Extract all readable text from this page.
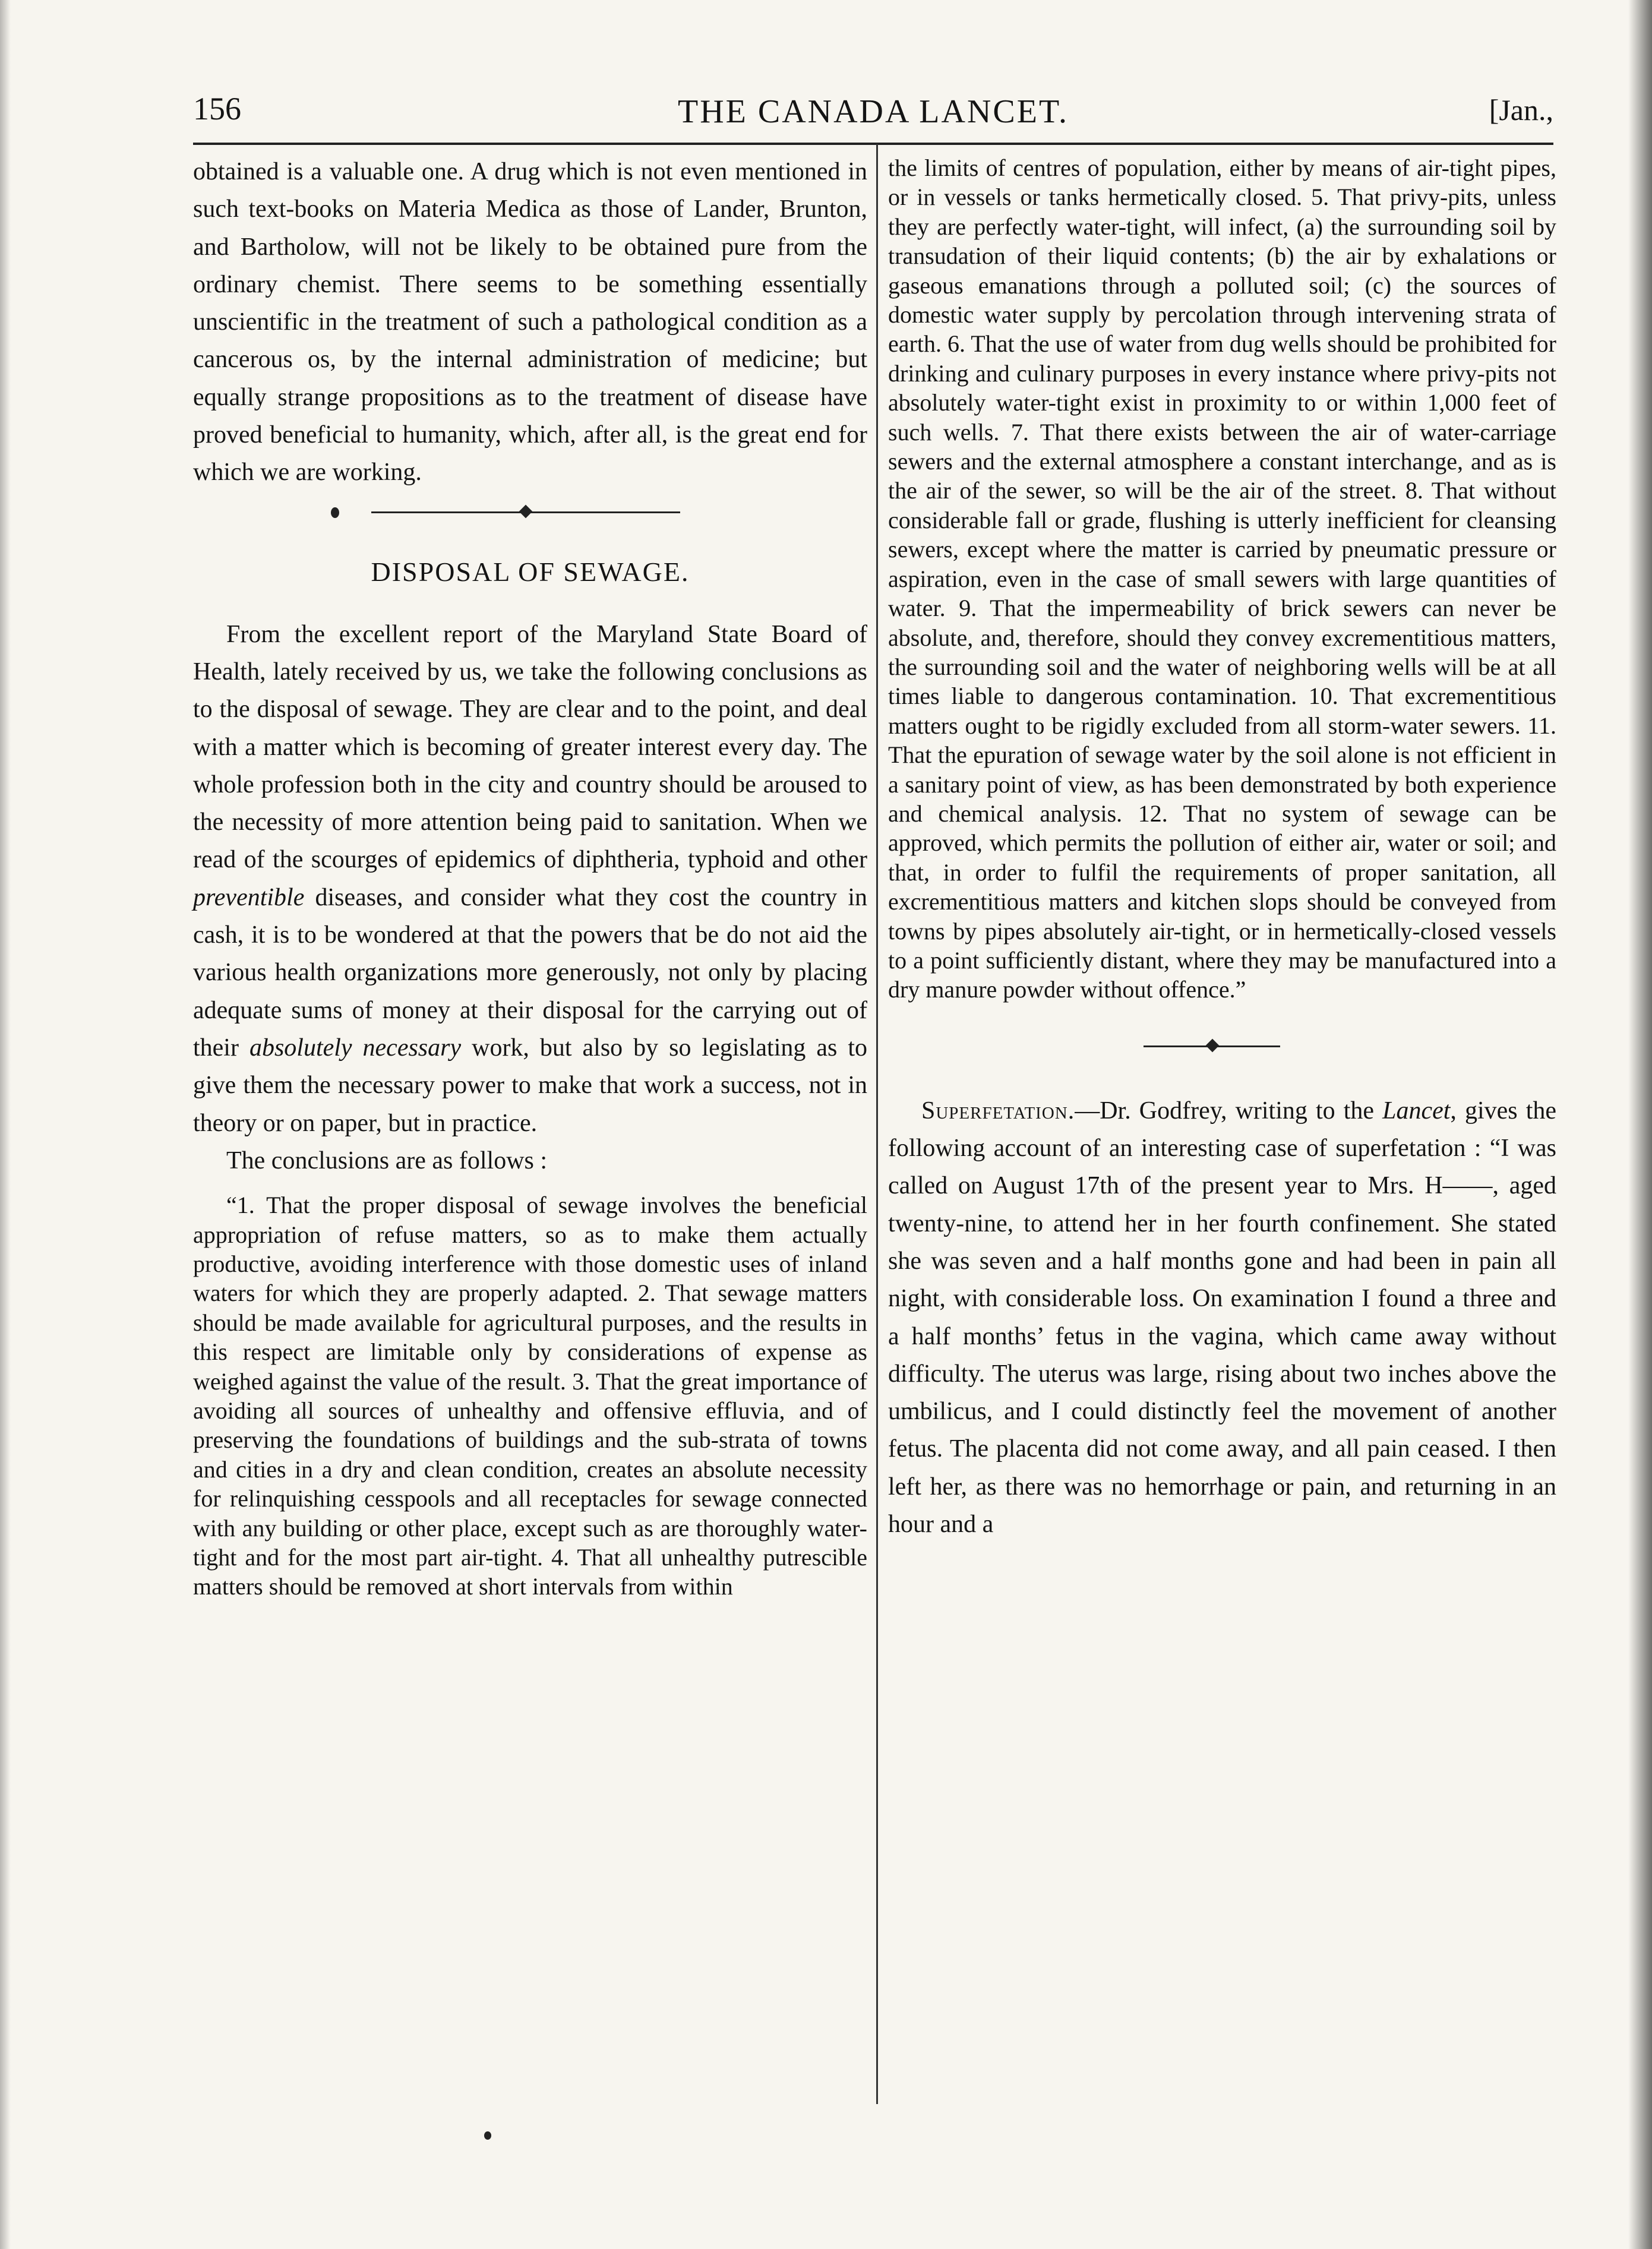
156	THE CANADA LANCET.	[Jan.,

obtained is a valuable one. A drug which is not even mentioned in such text-books on Materia Medica as those of Lander, Brunton, and Bartholow, will not be likely to be obtained pure from the ordinary chemist. There seems to be something essentially unscientific in the treatment of such a pathological condition as a cancerous os, by the internal administration of medicine; but equally strange propositions as to the treatment of disease have proved beneficial to humanity, which, after all, is the great end for which we are working.

DISPOSAL OF SEWAGE.

From the excellent report of the Maryland State Board of Health, lately received by us, we take the following conclusions as to the disposal of sewage. They are clear and to the point, and deal with a matter which is becoming of greater interest every day. The whole profession both in the city and country should be aroused to the necessity of more attention being paid to sanitation. When we read of the scourges of epidemics of diphtheria, typhoid and other preventible diseases, and consider what they cost the country in cash, it is to be wondered at that the powers that be do not aid the various health organizations more generously, not only by placing adequate sums of money at their disposal for the carrying out of their absolutely necessary work, but also by so legislating as to give them the necessary power to make that work a success, not in theory or on paper, but in practice.

The conclusions are as follows :

“1. That the proper disposal of sewage involves the beneficial appropriation of refuse matters, so as to make them actually productive, avoiding interference with those domestic uses of inland waters for which they are properly adapted. 2. That sewage matters should be made available for agricultural purposes, and the results in this respect are limitable only by considerations of expense as weighed against the value of the result. 3. That the great importance of avoiding all sources of unhealthy and offensive effluvia, and of preserving the foundations of buildings and the sub-strata of towns and cities in a dry and clean condition, creates an absolute necessity for relinquishing cesspools and all receptacles for sewage connected with any building or other place, except such as are thoroughly water-tight and for the most part air-tight. 4. That all unhealthy putrescible matters should be removed at short intervals from within

the limits of centres of population, either by means of air-tight pipes, or in vessels or tanks hermetically closed. 5. That privy-pits, unless they are perfectly water-tight, will infect, (a) the surrounding soil by transudation of their liquid contents; (b) the air by exhalations or gaseous emanations through a polluted soil; (c) the sources of domestic water supply by percolation through intervening strata of earth. 6. That the use of water from dug wells should be prohibited for drinking and culinary purposes in every instance where privy-pits not absolutely water-tight exist in proximity to or within 1,000 feet of such wells. 7. That there exists between the air of water-carriage sewers and the external atmosphere a constant interchange, and as is the air of the sewer, so will be the air of the street. 8. That without considerable fall or grade, flushing is utterly inefficient for cleansing sewers, except where the matter is carried by pneumatic pressure or aspiration, even in the case of small sewers with large quantities of water. 9. That the impermeability of brick sewers can never be absolute, and, therefore, should they convey excrementitious matters, the surrounding soil and the water of neighboring wells will be at all times liable to dangerous contamination. 10. That excrementitious matters ought to be rigidly excluded from all storm-water sewers. 11. That the epuration of sewage water by the soil alone is not efficient in a sanitary point of view, as has been demonstrated by both experience and chemical analysis. 12. That no system of sewage can be approved, which permits the pollution of either air, water or soil; and that, in order to fulfil the requirements of proper sanitation, all excrementitious matters and kitchen slops should be conveyed from towns by pipes absolutely air-tight, or in hermetically-closed vessels to a point sufficiently distant, where they may be manufactured into a dry manure powder without offence.”

Superfetation.—Dr. Godfrey, writing to the Lancet, gives the following account of an interesting case of superfetation : “I was called on August 17th of the present year to Mrs. H——, aged twenty-nine, to attend her in her fourth confinement. She stated she was seven and a half months gone and had been in pain all night, with considerable loss. On examination I found a three and a half months’ fetus in the vagina, which came away without difficulty. The uterus was large, rising about two inches above the umbilicus, and I could distinctly feel the movement of another fetus. The placenta did not come away, and all pain ceased. I then left her, as there was no hemorrhage or pain, and returning in an hour and a
